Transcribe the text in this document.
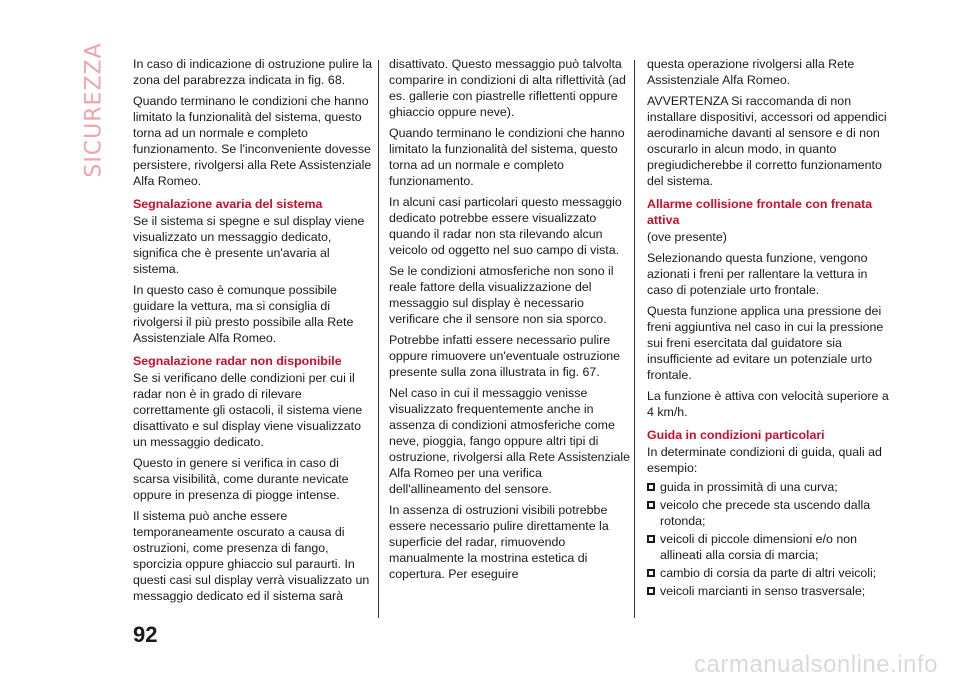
SICUREZZA In caso di indicazione di ostruzione pulire la zona del parabrezza indicata in fig. 68.

Quando terminano le condizioni che hanno limitato la funzionalità del sistema, questo torna ad un normale e completo funzionamento. Se l'inconveniente dovesse persistere, rivolgersi alla Rete Assistenziale Alfa Romeo.

Segnalazione avaria del sistema

Se il sistema si spegne e sul display viene visualizzato un messaggio dedicato, significa che è presente un'avaria al sistema.

In questo caso è comunque possibile guidare la vettura, ma si consiglia di rivolgersi il più presto possibile alla Rete Assistenziale Alfa Romeo.

Segnalazione radar non disponibile

Se si verificano delle condizioni per cui il radar non è in grado di rilevare correttamente gli ostacoli, il sistema viene disattivato e sul display viene visualizzato un messaggio dedicato.

Questo in genere si verifica in caso di scarsa visibilità, come durante nevicate oppure in presenza di piogge intense.

Il sistema può anche essere temporaneamente oscurato a causa di ostruzioni, come presenza di fango, sporcizia oppure ghiaccio sul paraurti. In questi casi sul display verrà visualizzato un messaggio dedicato ed il sistema sarà

disattivato. Questo messaggio può talvolta comparire in condizioni di alta riflettività (ad es. gallerie con piastrelle riflettenti oppure ghiaccio oppure neve).

Quando terminano le condizioni che hanno limitato la funzionalità del sistema, questo torna ad un normale e completo funzionamento.

In alcuni casi particolari questo messaggio dedicato potrebbe essere visualizzato quando il radar non sta rilevando alcun veicolo od oggetto nel suo campo di vista.

Se le condizioni atmosferiche non sono il reale fattore della visualizzazione del messaggio sul display è necessario verificare che il sensore non sia sporco.

Potrebbe infatti essere necessario pulire oppure rimuovere un'eventuale ostruzione presente sulla zona illustrata in fig. 67.

Nel caso in cui il messaggio venisse visualizzato frequentemente anche in assenza di condizioni atmosferiche come neve, pioggia, fango oppure altri tipi di ostruzione, rivolgersi alla Rete Assistenziale Alfa Romeo per una verifica dell'allineamento del sensore.

In assenza di ostruzioni visibili potrebbe essere necessario pulire direttamente la superficie del radar, rimuovendo manualmente la mostrina estetica di copertura. Per eseguire

questa operazione rivolgersi alla Rete Assistenziale Alfa Romeo.

AVVERTENZA Si raccomanda di non installare dispositivi, accessori od appendici aerodinamiche davanti al sensore e di non oscurarlo in alcun modo, in quanto pregiudicherebbe il corretto funzionamento del sistema.

Allarme collisione frontale con frenata attiva

(ove presente)

Selezionando questa funzione, vengono azionati i freni per rallentare la vettura in caso di potenziale urto frontale.

Questa funzione applica una pressione dei freni aggiuntiva nel caso in cui la pressione sui freni esercitata dal guidatore sia insufficiente ad evitare un potenziale urto frontale.

La funzione è attiva con velocità superiore a 4 km/h.

Guida in condizioni particolari

In determinate condizioni di guida, quali ad esempio:

guida in prossimità di una curva;
veicolo che precede sta uscendo dalla rotonda;
veicoli di piccole dimensioni e/o non allineati alla corsia di marcia;
cambio di corsia da parte di altri veicoli;
veicoli marcianti in senso trasversale;
92
carmanualsonline.info
